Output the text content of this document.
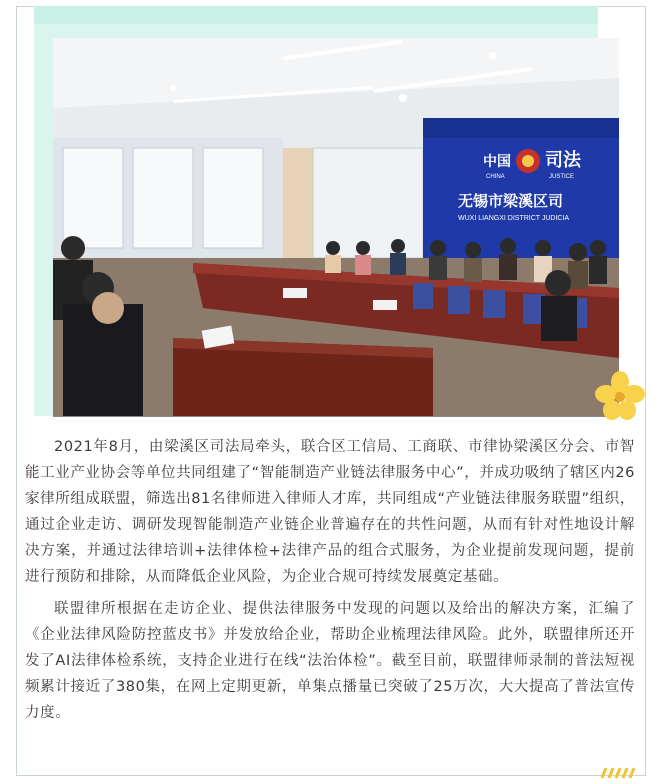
中国
CHINA
司法
JUSTICE
无锡市梁溪区司
WUXI LIANGXI DISTRICT JUDICIA

2021年8月，由梁溪区司法局牵头，联合区工信局、工商联、市律协梁溪区分会、市智能工业产业协会等单位共同组建了“智能制造产业链法律服务中心”，并成功吸纳了辖区内26家律所组成联盟，筛选出81名律师进入律师人才库，共同组成“产业链法律服务联盟”组织，通过企业走访、调研发现智能制造产业链企业普遍存在的共性问题，从而有针对性地设计解决方案，并通过法律培训+法律体检+法律产品的组合式服务，为企业提前发现问题，提前进行预防和排除，从而降低企业风险，为企业合规可持续发展奠定基础。

联盟律所根据在走访企业、提供法律服务中发现的问题以及给出的解决方案，汇编了《企业法律风险防控蓝皮书》并发放给企业，帮助企业梳理法律风险。此外，联盟律所还开发了AI法律体检系统，支持企业进行在线“法治体检”。截至目前，联盟律师录制的普法短视频累计接近了380集，在网上定期更新，单集点播量已突破了25万次，大大提高了普法宣传力度。
